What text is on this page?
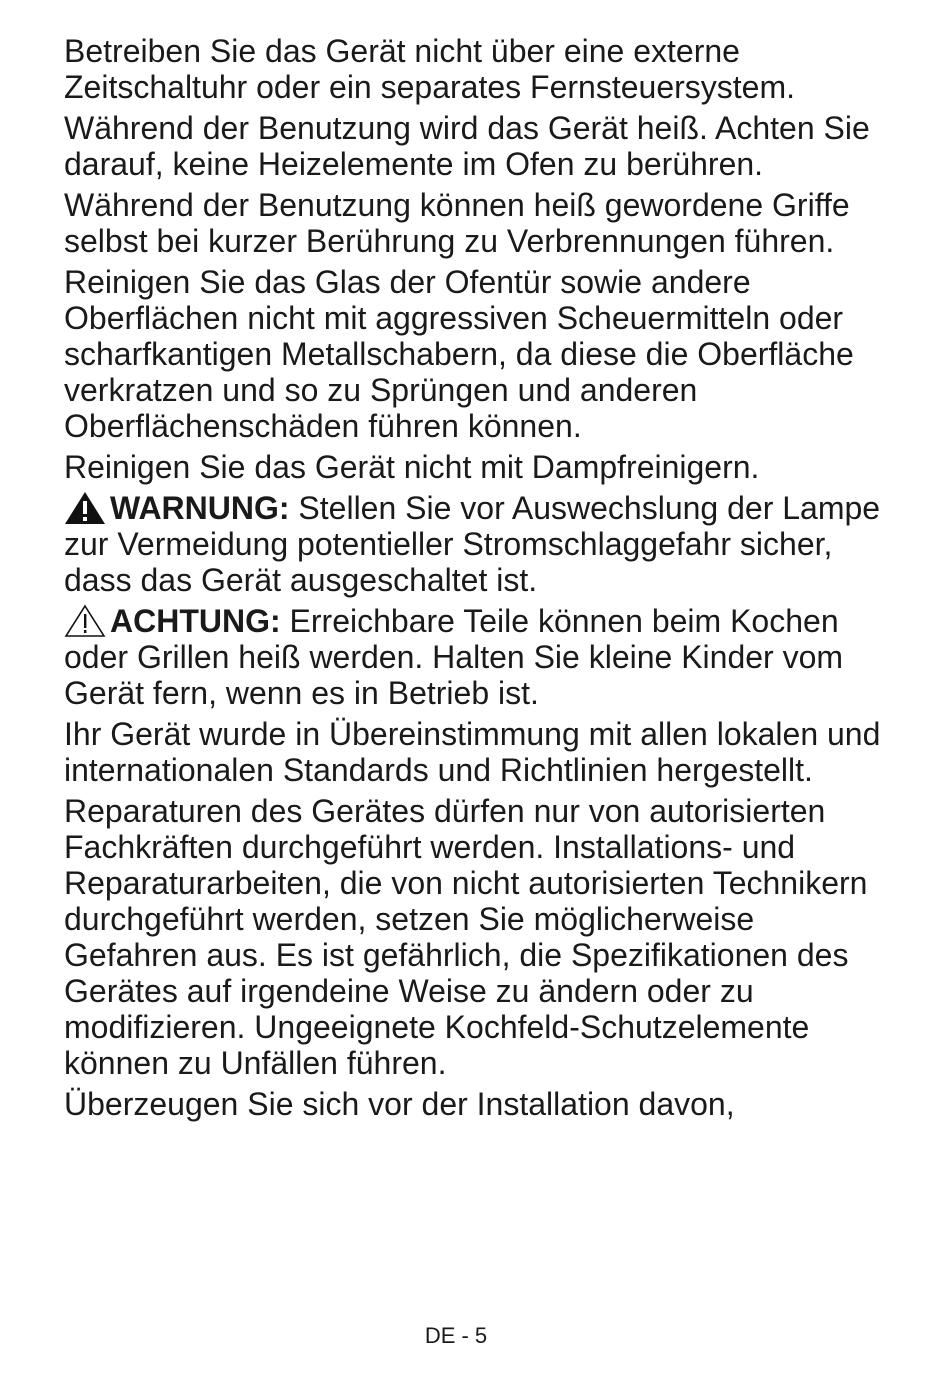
Betreiben Sie das Gerät nicht über eine externe Zeitschaltuhr oder ein separates Fernsteuersystem.

Während der Benutzung wird das Gerät heiß. Achten Sie darauf, keine Heizelemente im Ofen zu berühren.

Während der Benutzung können heiß gewordene Griffe selbst bei kurzer Berührung zu Verbrennungen führen.

Reinigen Sie das Glas der Ofentür sowie andere Oberflächen nicht mit aggressiven Scheuermitteln oder scharfkantigen Metallschabern, da diese die Oberfläche verkratzen und so zu Sprüngen und anderen Oberflächenschäden führen können.

Reinigen Sie das Gerät nicht mit Dampfreinigern.

WARNUNG: Stellen Sie vor Auswechslung der Lampe zur Vermeidung potentieller Stromschlaggefahr sicher, dass das Gerät ausgeschaltet ist.

ACHTUNG: Erreichbare Teile können beim Kochen oder Grillen heiß werden. Halten Sie kleine Kinder vom Gerät fern, wenn es in Betrieb ist.

Ihr Gerät wurde in Übereinstimmung mit allen lokalen und internationalen Standards und Richtlinien hergestellt.

Reparaturen des Gerätes dürfen nur von autorisierten Fachkräften durchgeführt werden. Installations- und Reparaturarbeiten, die von nicht autorisierten Technikern durchgeführt werden, setzen Sie möglicherweise Gefahren aus. Es ist gefährlich, die Spezifikationen des Gerätes auf irgendeine Weise zu ändern oder zu modifizieren. Ungeeignete Kochfeld-Schutzelemente können zu Unfällen führen.

Überzeugen Sie sich vor der Installation davon,

DE - 5
